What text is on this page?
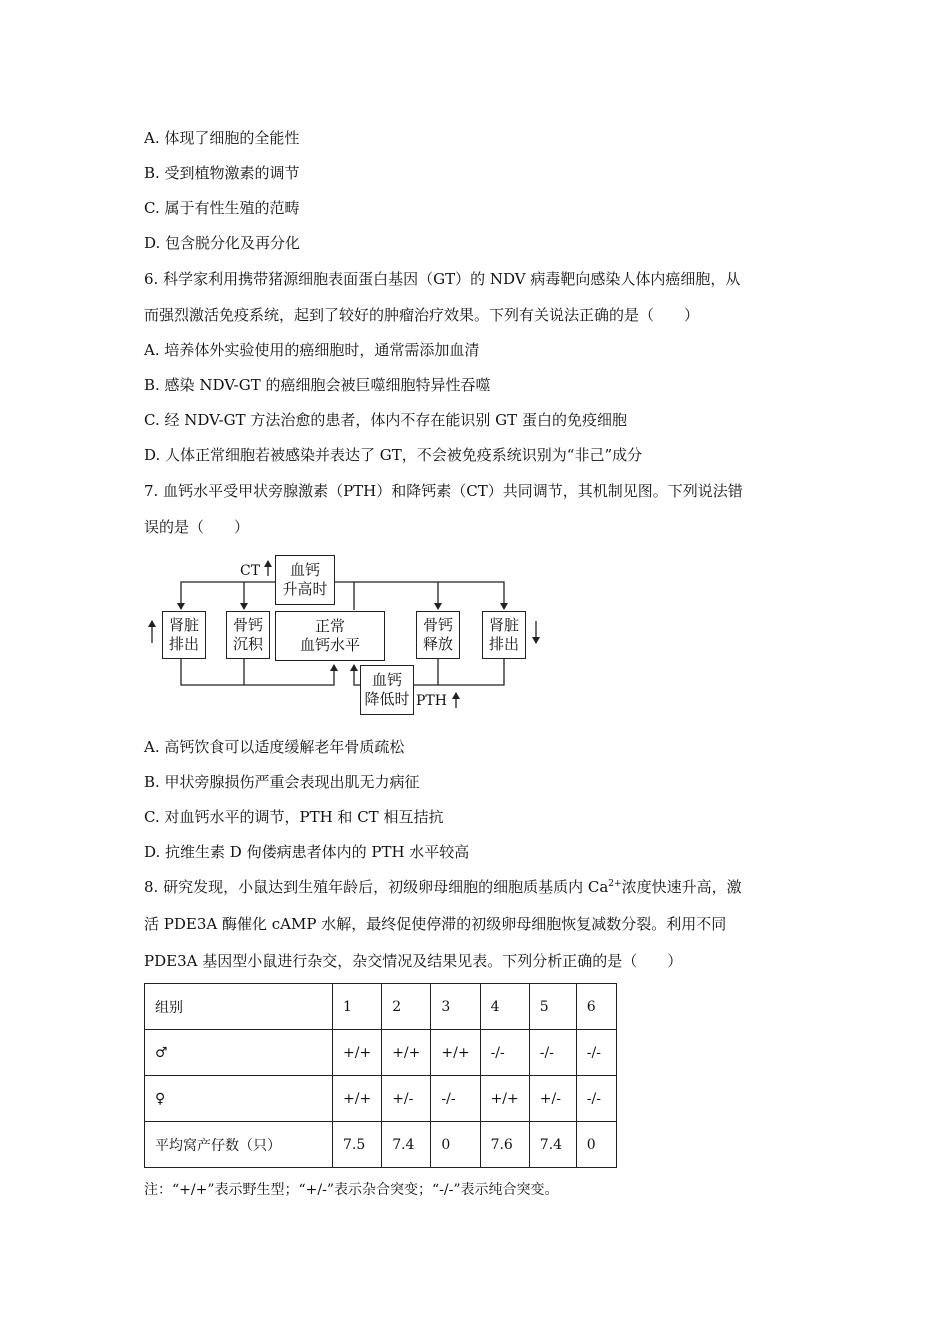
A. 体现了细胞的全能性
B. 受到植物激素的调节
C. 属于有性生殖的范畴
D. 包含脱分化及再分化
6. 科学家利用携带猪源细胞表面蛋白基因（GT）的 NDV 病毒靶向感染人体内癌细胞，从
而强烈激活免疫系统，起到了较好的肿瘤治疗效果。下列有关说法正确的是（　　）
A. 培养体外实验使用的癌细胞时，通常需添加血清
B. 感染 NDV-GT 的癌细胞会被巨噬细胞特异性吞噬
C. 经 NDV-GT 方法治愈的患者，体内不存在能识别 GT 蛋白的免疫细胞
D. 人体正常细胞若被感染并表达了 GT，不会被免疫系统识别为“非己”成分
7. 血钙水平受甲状旁腺激素（PTH）和降钙素（CT）共同调节，其机制见图。下列说法错
误的是（　　）
CT 血钙
升高时
肾脏
排出
骨钙
沉积
正常
血钙水平
骨钙
释放
肾脏
排出
血钙
降低时 PTH
A. 高钙饮食可以适度缓解老年骨质疏松
B. 甲状旁腺损伤严重会表现出肌无力病征
C. 对血钙水平的调节，PTH 和 CT 相互拮抗
D. 抗维生素 D 佝偻病患者体内的 PTH 水平较高
8. 研究发现，小鼠达到生殖年龄后，初级卵母细胞的细胞质基质内 $Ca^{2+}$浓度快速升高，激
活 PDE3A 酶催化 cAMP 水解，最终促使停滞的初级卵母细胞恢复减数分裂。利用不同
PDE3A 基因型小鼠进行杂交，杂交情况及结果见表。下列分析正确的是（　　）
组别	1	2	3	4	5	6
♂	+/+	+/+	+/+	-/-	-/-	-/-
♀	+/+	+/-	-/-	+/+	+/-	-/-
平均窝产仔数（只）	7.5	7.4	0	7.6	7.4	0
注：“+/+”表示野生型；“+/-”表示杂合突变；“-/-”表示纯合突变。
